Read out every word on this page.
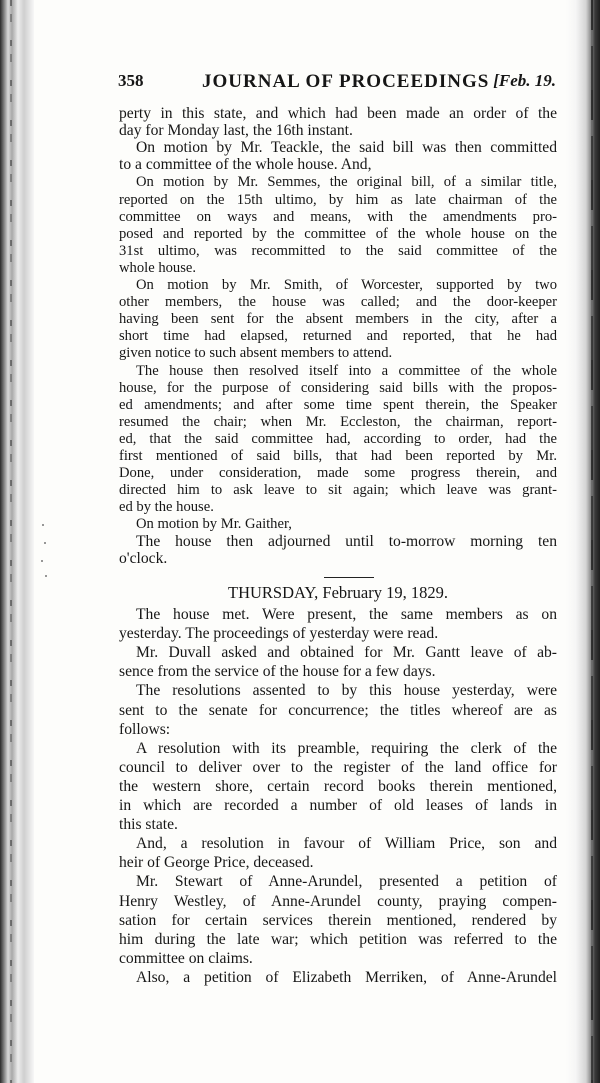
358	JOURNAL OF PROCEEDINGS [Feb. 19.
perty in this state, and which had been made an order of the
day for Monday last, the 16th instant.
On motion by Mr. Teackle, the said bill was then committed
to a committee of the whole house. And,
On motion by Mr. Semmes, the original bill, of a similar title,
reported on the 15th ultimo, by him as late chairman of the
committee on ways and means, with the amendments pro-
posed and reported by the committee of the whole house on the
31st ultimo, was recommitted to the said committee of the
whole house.
On motion by Mr. Smith, of Worcester, supported by two
other members, the house was called; and the door-keeper
having been sent for the absent members in the city, after a
short time had elapsed, returned and reported, that he had
given notice to such absent members to attend.
The house then resolved itself into a committee of the whole
house, for the purpose of considering said bills with the propos-
ed amendments; and after some time spent therein, the Speaker
resumed the chair; when Mr. Eccleston, the chairman, report-
ed, that the said committee had, according to order, had the
first mentioned of said bills, that had been reported by Mr.
Done, under consideration, made some progress therein, and
directed him to ask leave to sit again; which leave was grant-
ed by the house.
On motion by Mr. Gaither,
The house then adjourned until to-morrow morning ten
o'clock.
THURSDAY, February 19, 1829.
The house met. Were present, the same members as on
yesterday. The proceedings of yesterday were read.
Mr. Duvall asked and obtained for Mr. Gantt leave of ab-
sence from the service of the house for a few days.
The resolutions assented to by this house yesterday, were
sent to the senate for concurrence; the titles whereof are as
follows:
A resolution with its preamble, requiring the clerk of the
council to deliver over to the register of the land office for
the western shore, certain record books therein mentioned,
in which are recorded a number of old leases of lands in
this state.
And, a resolution in favour of William Price, son and
heir of George Price, deceased.
Mr. Stewart of Anne-Arundel, presented a petition of
Henry Westley, of Anne-Arundel county, praying compen-
sation for certain services therein mentioned, rendered by
him during the late war; which petition was referred to the
committee on claims.
Also, a petition of Elizabeth Merriken, of Anne-Arundel
